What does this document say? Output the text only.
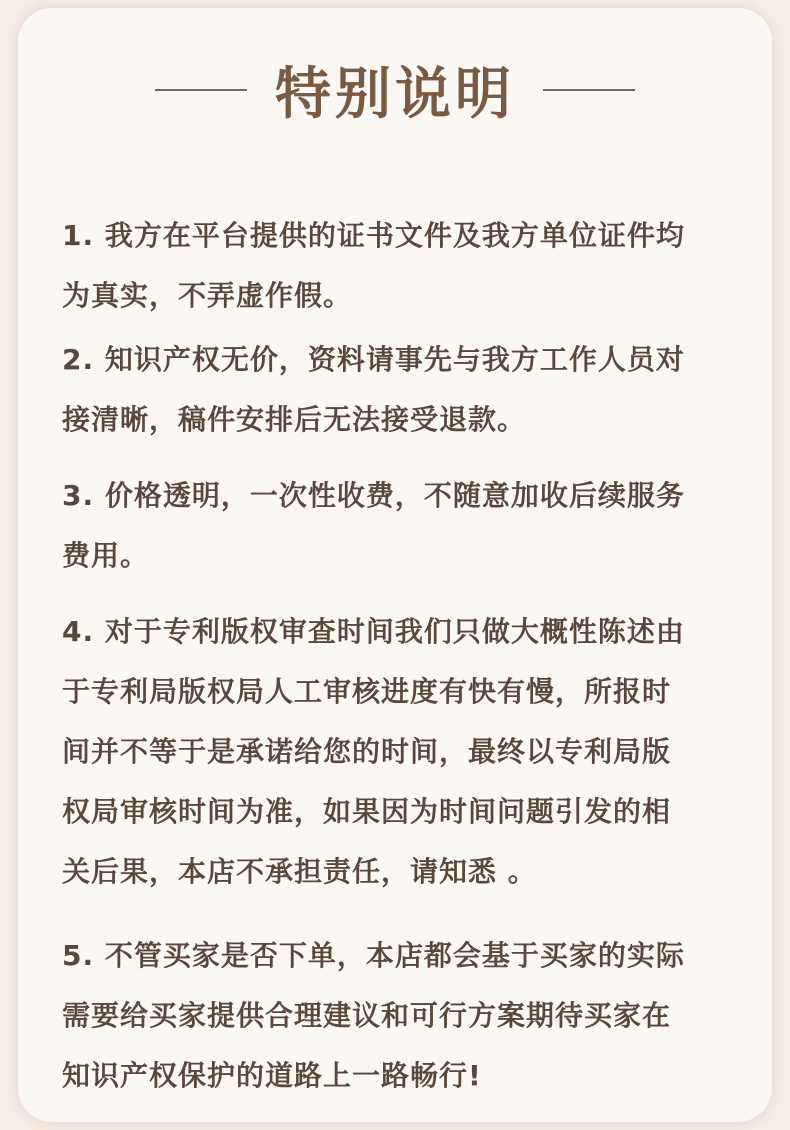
特别说明
1. 我方在平台提供的证书文件及我方单位证件均
为真实，不弄虚作假。
2. 知识产权无价，资料请事先与我方工作人员对
接清晰，稿件安排后无法接受退款。
3. 价格透明，一次性收费，不随意加收后续服务
费用。
4. 对于专利版权审查时间我们只做大概性陈述由
于专利局版权局人工审核进度有快有慢，所报时
间并不等于是承诺给您的时间，最终以专利局版
权局审核时间为准，如果因为时间问题引发的相
关后果，本店不承担责任，请知悉 。
5. 不管买家是否下单，本店都会基于买家的实际
需要给买家提供合理建议和可行方案期待买家在
知识产权保护的道路上一路畅行!
